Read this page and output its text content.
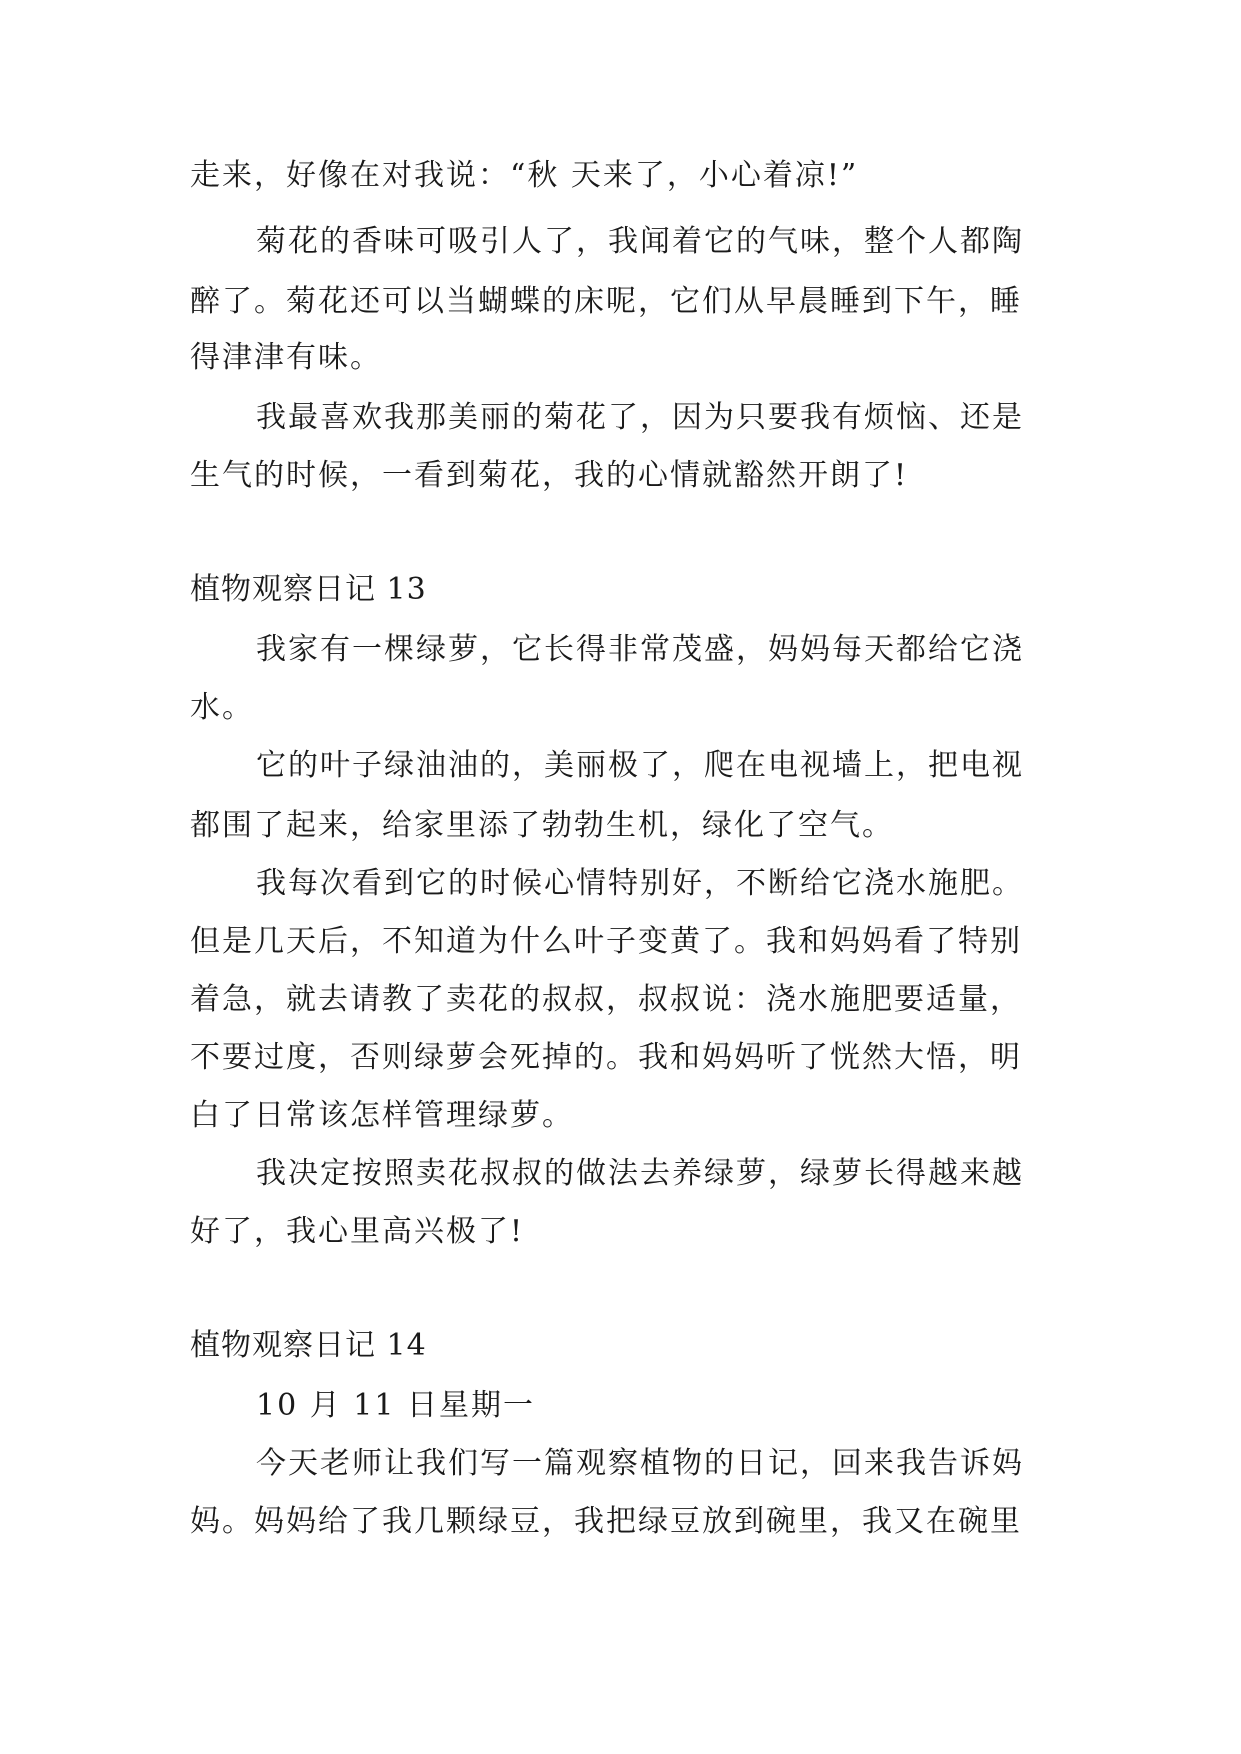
走来，好像在对我说：“秋 天来了，小心着凉!”
菊花的香味可吸引人了，我闻着它的气味，整个人都陶
醉了。菊花还可以当蝴蝶的床呢，它们从早晨睡到下午，睡
得津津有味。
我最喜欢我那美丽的菊花了，因为只要我有烦恼、还是
生气的时候，一看到菊花，我的心情就豁然开朗了!
植物观察日记 13
我家有一棵绿萝，它长得非常茂盛，妈妈每天都给它浇
水。
它的叶子绿油油的，美丽极了，爬在电视墙上，把电视
都围了起来，给家里添了勃勃生机，绿化了空气。
我每次看到它的时候心情特别好，不断给它浇水施肥。
但是几天后，不知道为什么叶子变黄了。我和妈妈看了特别
着急，就去请教了卖花的叔叔，叔叔说：浇水施肥要适量，
不要过度，否则绿萝会死掉的。我和妈妈听了恍然大悟，明
白了日常该怎样管理绿萝。
我决定按照卖花叔叔的做法去养绿萝，绿萝长得越来越
好了，我心里高兴极了!
植物观察日记 14
10 月 11 日星期一
今天老师让我们写一篇观察植物的日记，回来我告诉妈
妈。妈妈给了我几颗绿豆，我把绿豆放到碗里，我又在碗里
